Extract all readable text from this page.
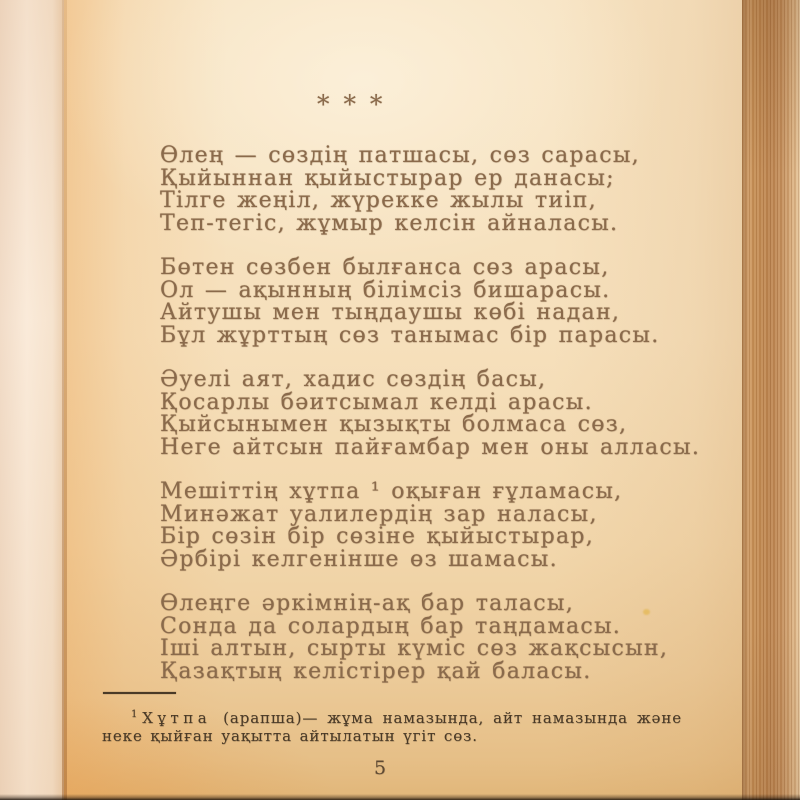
* * *
Өлең — сөздің патшасы, сөз сарасы,
Қыйыннан қыйыстырар ер данасы;
Тілге жеңіл, жүрекке жылы тиіп,
Теп-тегіс, жұмыр келсін айналасы.
Бөтен сөзбен былғанса сөз арасы,
Ол — ақынның білімсіз бишарасы.
Айтушы мен тыңдаушы көбі надан,
Бұл жұрттың сөз танымас бір парасы.
Әуелі аят, хадис сөздің басы,
Қосарлы бәитсымал келді арасы.
Қыйсынымен қызықты болмаса сөз,
Неге айтсын пайғамбар мен оны алласы.
Мешіттің хұтпа ¹ оқыған ғұламасы,
Минәжат уалилердің зар наласы,
Бір сөзін бір сөзіне қыйыстырар,
Әрбірі келгенінше өз шамасы.
Өлеңге әркімнің-ақ бар таласы,
Сонда да солардың бар таңдамасы.
Іші алтын, сырты күміс сөз жақсысын,
Қазақтың келістірер қай баласы.
$^1$ Хұтпа (арапша)— жұма намазында, айт намазында және неке қыйған уақытта айтылатын үгіт сөз.
5
